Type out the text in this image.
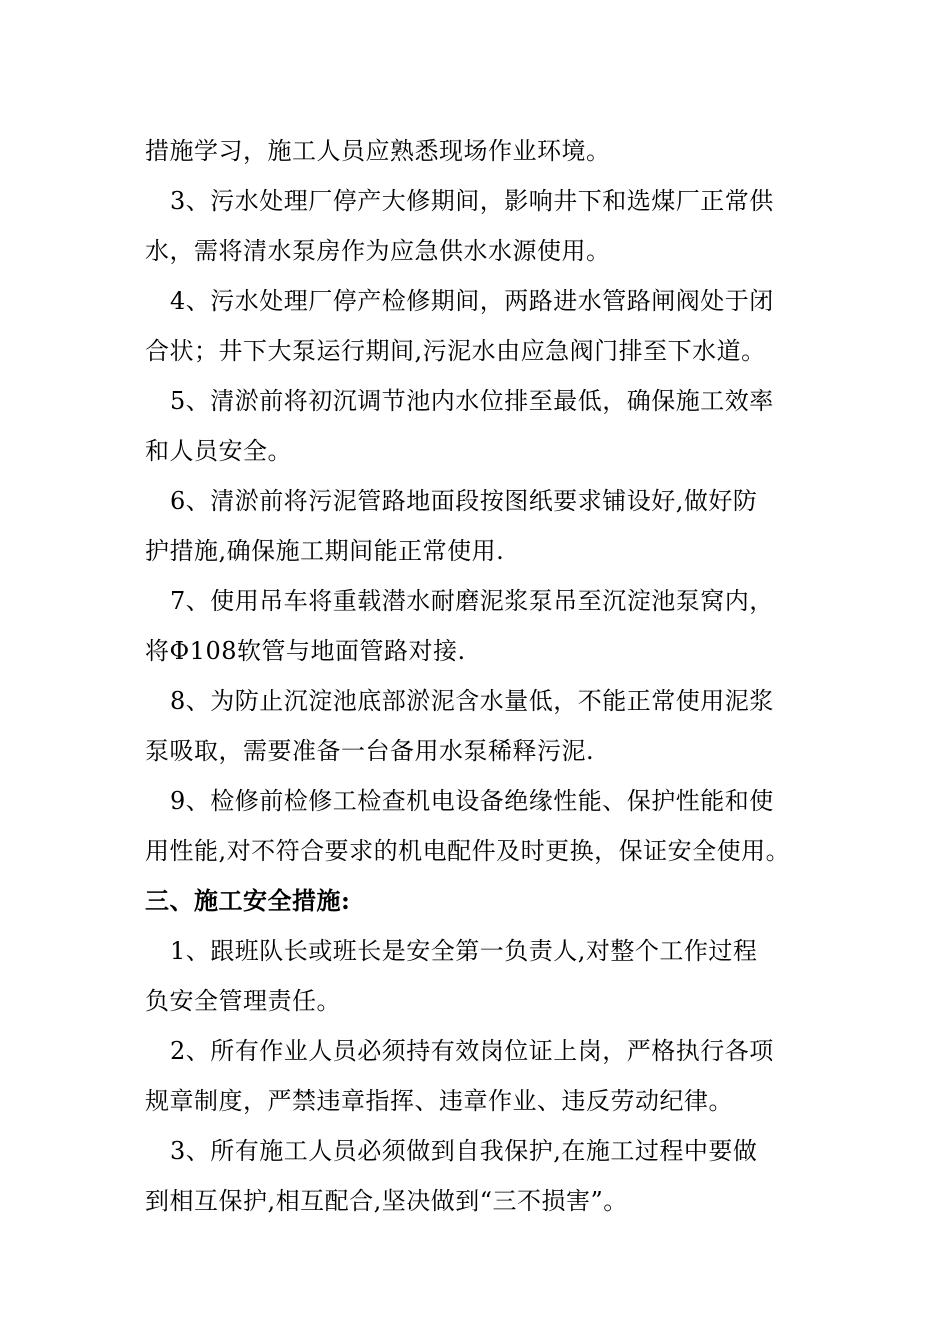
措施学习，施工人员应熟悉现场作业环境。
3、污水处理厂停产大修期间，影响井下和选煤厂正常供
水，需将清水泵房作为应急供水水源使用。
4、污水处理厂停产检修期间，两路进水管路闸阀处于闭
合状；井下大泵运行期间,污泥水由应急阀门排至下水道。
5、清淤前将初沉调节池内水位排至最低，确保施工效率
和人员安全。
6、清淤前将污泥管路地面段按图纸要求铺设好,做好防
护措施,确保施工期间能正常使用.
7、使用吊车将重载潜水耐磨泥浆泵吊至沉淀池泵窝内，
将Φ108软管与地面管路对接.
8、为防止沉淀池底部淤泥含水量低，不能正常使用泥浆
泵吸取，需要准备一台备用水泵稀释污泥.
9、检修前检修工检查机电设备绝缘性能、保护性能和使
用性能,对不符合要求的机电配件及时更换，保证安全使用。
三、施工安全措施:
1、跟班队长或班长是安全第一负责人,对整个工作过程
负安全管理责任。
2、所有作业人员必须持有效岗位证上岗，严格执行各项
规章制度，严禁违章指挥、违章作业、违反劳动纪律。
3、所有施工人员必须做到自我保护,在施工过程中要做
到相互保护,相互配合,坚决做到“三不损害”。
